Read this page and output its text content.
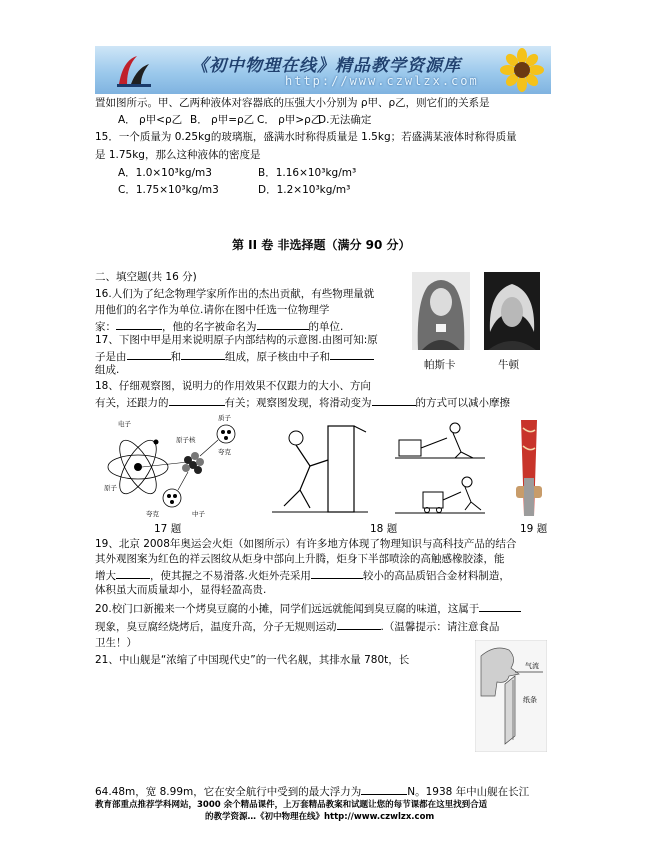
《初中物理在线》精品教学资源库
http://www.czwlzx.com
置如图所示。甲、乙两种液体对容器底的压强大小分别为 ρ甲、ρ乙，则它们的关系是
A． ρ甲<ρ乙 B． ρ甲=ρ乙 C． ρ甲>ρ乙
D.无法确定
15．一个质量为 0.25kg的玻璃瓶，盛满水时称得质量是 1.5kg；若盛满某液体时称得质量
是 1.75kg，那么这种液体的密度是
A．1.0×10³kg/m3	B．1.16×10³kg/m³
C．1.75×10³kg/m3	D．1.2×10³kg/m³
第 II 卷 非选择题（满分 90 分）
二、填空题(共 16 分)
16.人们为了纪念物理学家所作出的杰出贡献，有些物理量就
用他们的名字作为单位.请你在图中任选一位物理学
家：	，他的名字被命名为	的单位.
17、下图中甲是用来说明原子内部结构的示意图.由图可知:原
子是由	和	组成，原子核由中子和
组成.	帕斯卡	牛顿
18、仔细观察图，说明力的作用效果不仅跟力的大小、方向
有关，还跟力的	有关；观察图发现，将滑动变为	的方式可以减小摩擦
电子
质子
原子核
夸克
原子
夸克	中子
17 题	18 题	19 题
19、北京 2008年奥运会火炬（如图所示）有许多地方体现了物理知识与高科技产品的结合
其外观图案为红色的祥云图纹从炬身中部向上升腾，炬身下半部喷涂的高触感橡胶漆，能
增大	，使其握之不易滑落.火炬外壳采用	较小的高品质铝合金材料制造，
体积虽大而质量却小，显得轻盈高贵.
20.校门口新搬来一个烤臭豆腐的小摊，同学们远远就能闻到臭豆腐的味道，这属于
现象，臭豆腐经烧烤后，温度升高，分子无规则运动	.（温馨提示：请注意食品
卫生！）
21、中山舰是“浓缩了中国现代史”的一代名舰，其排水量 780t，长	气流
纸条
64.48m，宽 8.99m，它在安全航行中受到的最大浮力为	N。1938 年中山舰在长江
教育部重点推荐学科网站，3000 余个精品课件，上万套精品教案和试题让您的每节课都在这里找到合适
的教学资源…《初中物理在线》http://www.czwlzx.com
